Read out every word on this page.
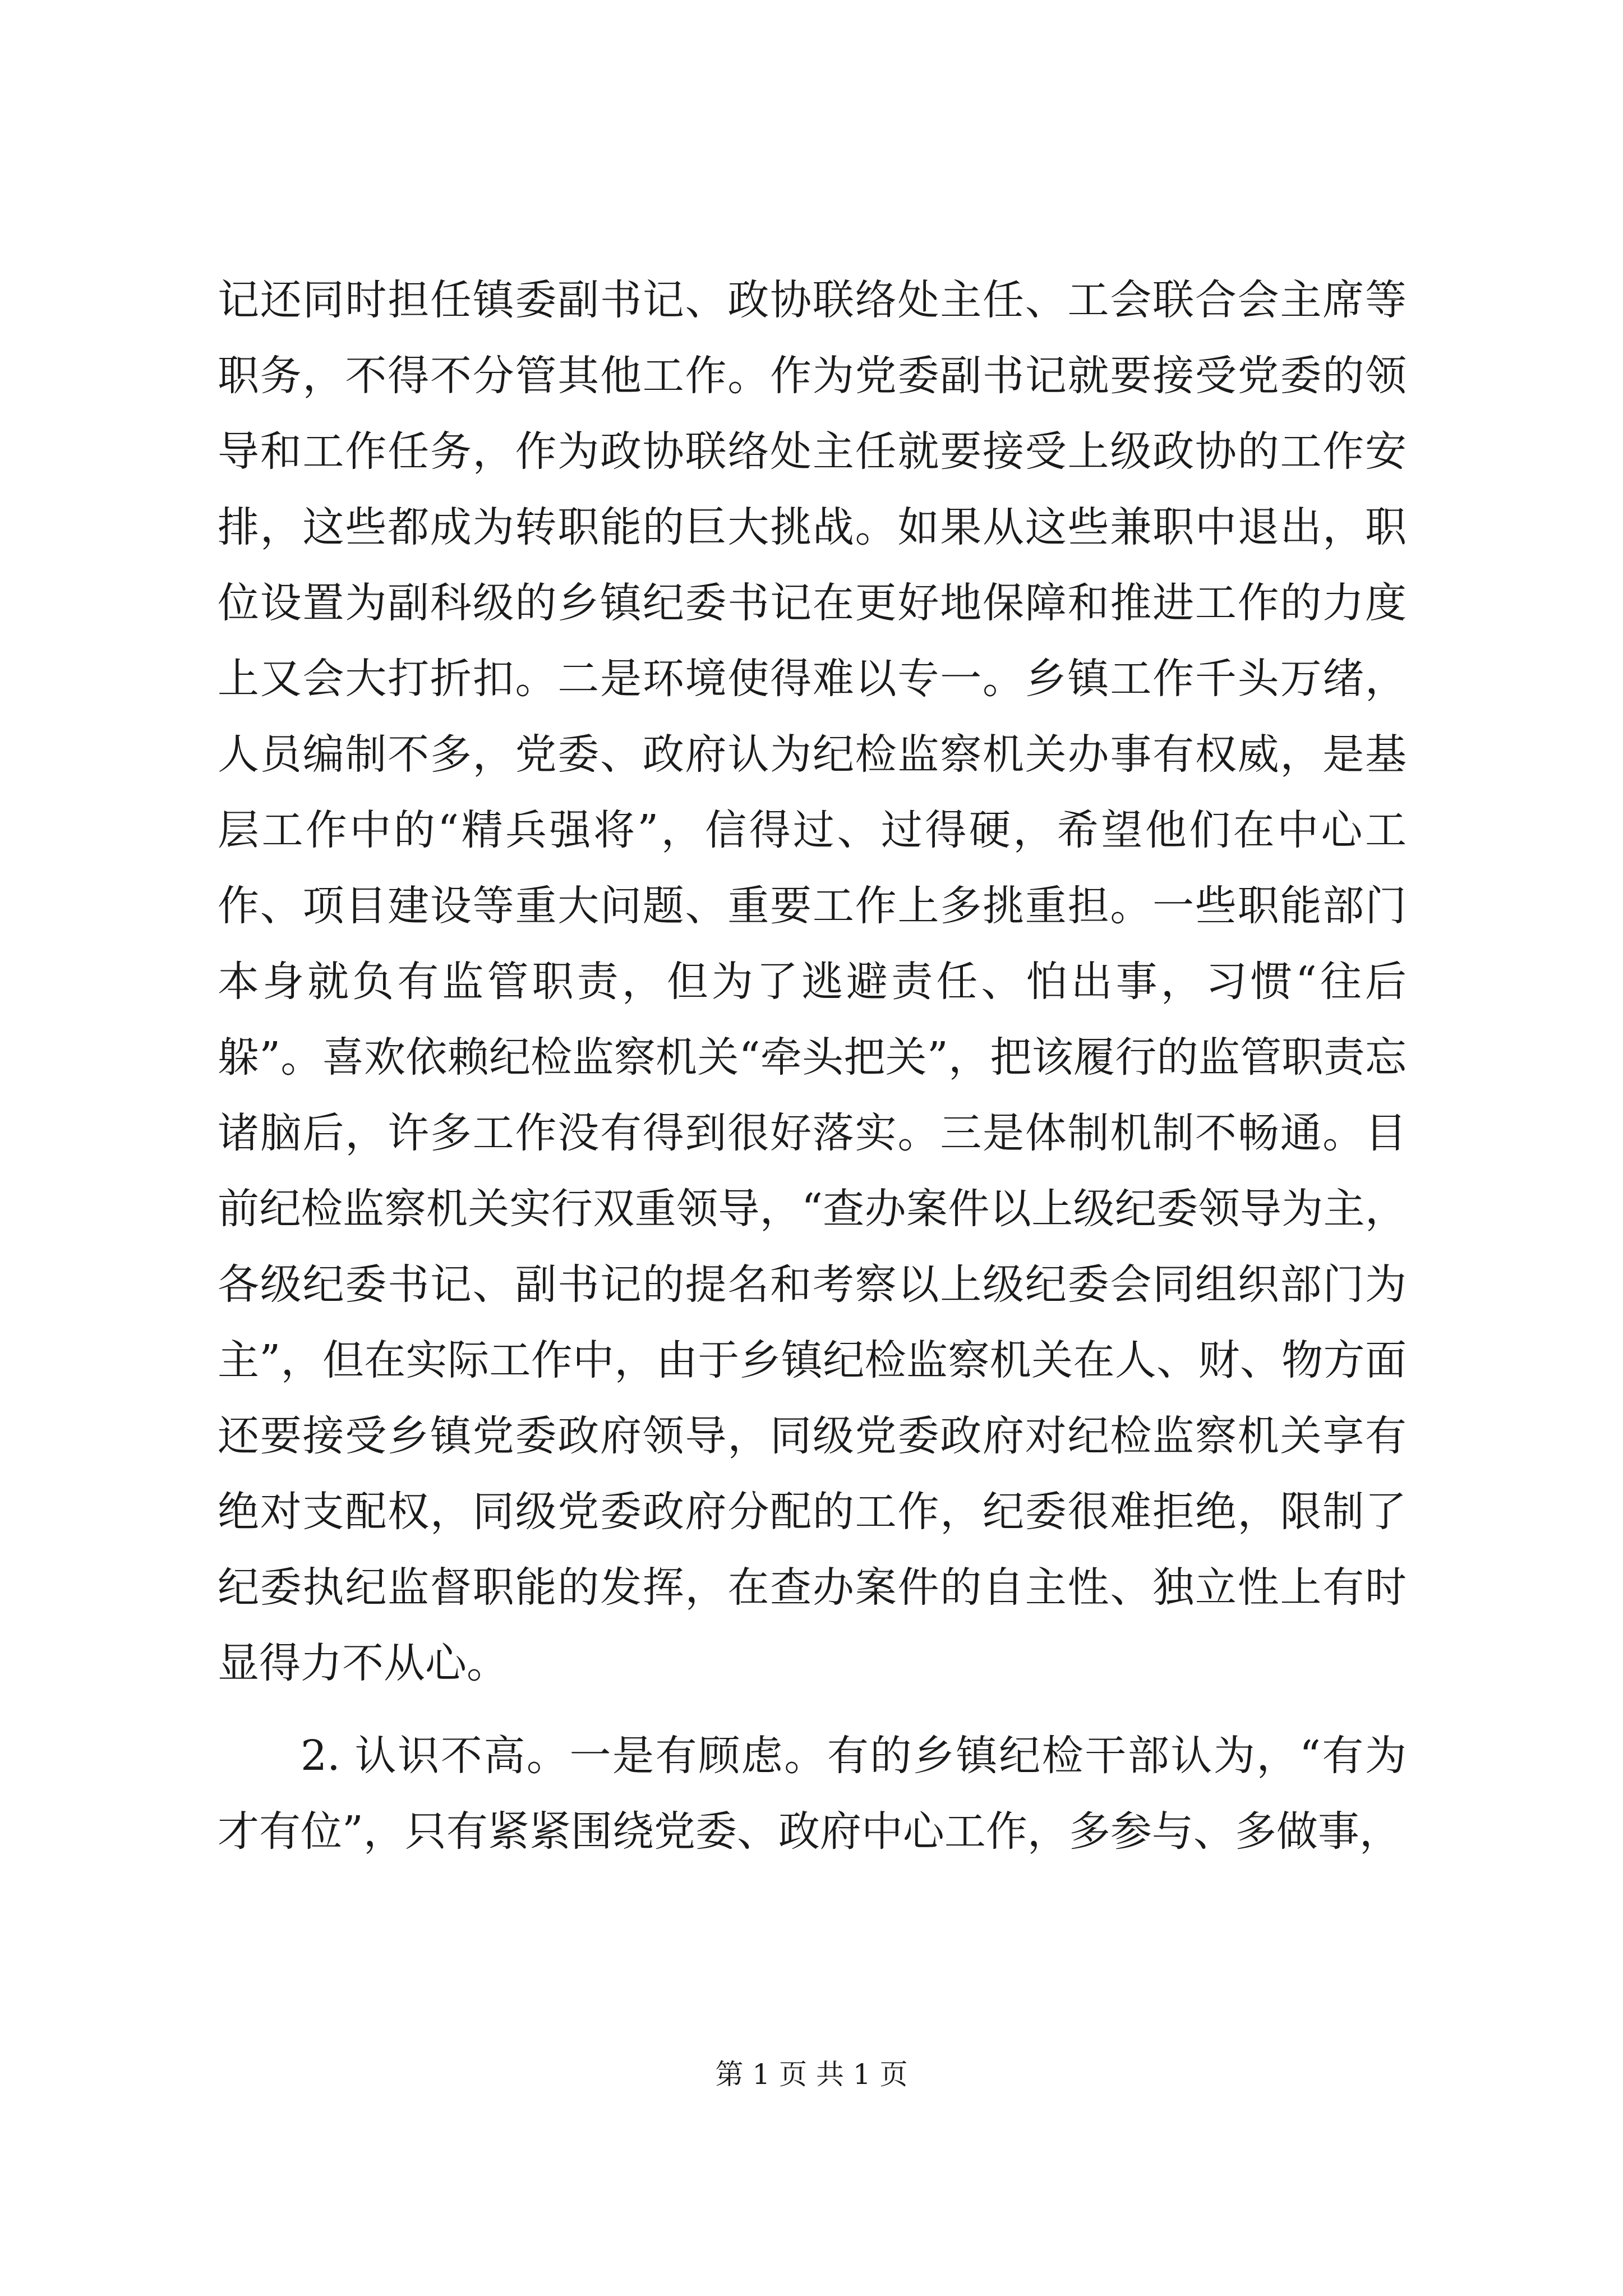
记还同时担任镇委副书记、政协联络处主任、工会联合会主席等职务，不得不分管其他工作。作为党委副书记就要接受党委的领导和工作任务，作为政协联络处主任就要接受上级政协的工作安排，这些都成为转职能的巨大挑战。如果从这些兼职中退出，职位设置为副科级的乡镇纪委书记在更好地保障和推进工作的力度上又会大打折扣。二是环境使得难以专一。乡镇工作千头万绪，人员编制不多，党委、政府认为纪检监察机关办事有权威，是基层工作中的“精兵强将”，信得过、过得硬，希望他们在中心工作、项目建设等重大问题、重要工作上多挑重担。一些职能部门本身就负有监管职责，但为了逃避责任、怕出事，习惯“往后躲”。喜欢依赖纪检监察机关“牵头把关”，把该履行的监管职责忘诸脑后，许多工作没有得到很好落实。三是体制机制不畅通。目前纪检监察机关实行双重领导，“查办案件以上级纪委领导为主，各级纪委书记、副书记的提名和考察以上级纪委会同组织部门为主”，但在实际工作中，由于乡镇纪检监察机关在人、财、物方面还要接受乡镇党委政府领导，同级党委政府对纪检监察机关享有绝对支配权，同级党委政府分配的工作，纪委很难拒绝，限制了纪委执纪监督职能的发挥，在查办案件的自主性、独立性上有时显得力不从心。

2. 认识不高。一是有顾虑。有的乡镇纪检干部认为，“有为才有位”，只有紧紧围绕党委、政府中心工作，多参与、多做事，

第 1 页 共 1 页
